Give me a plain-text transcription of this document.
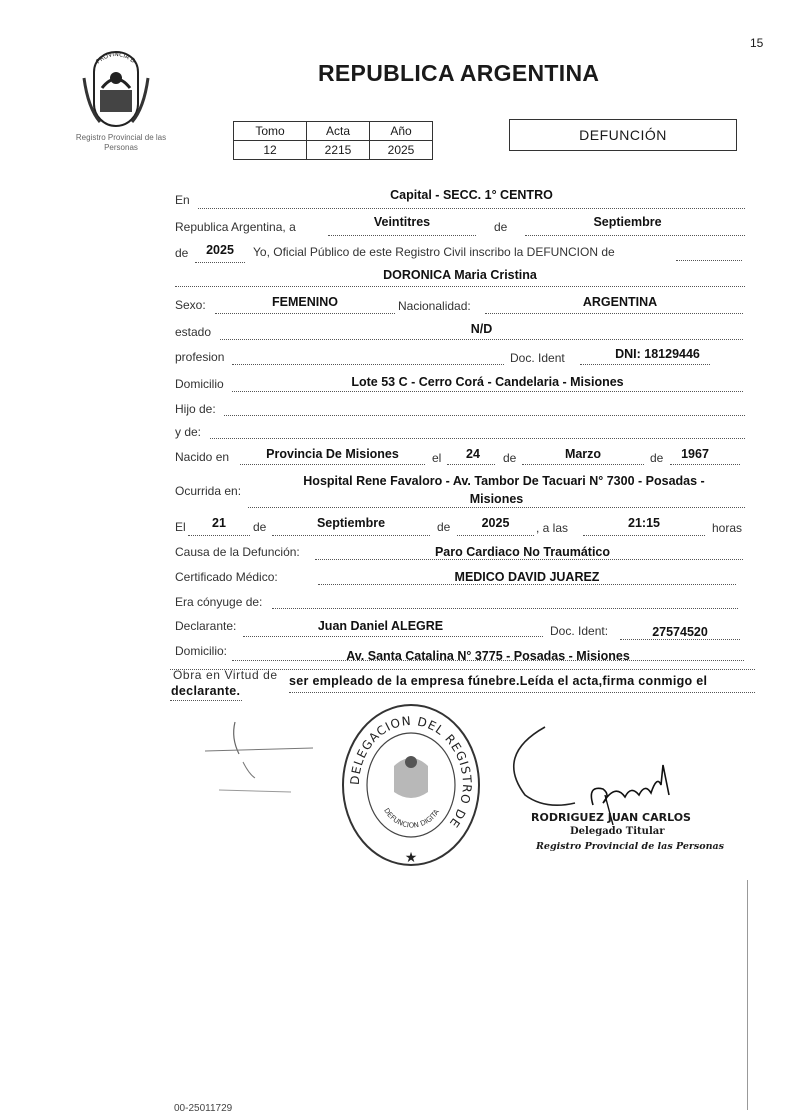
15
PROVINCIA D
Registro Provincial de las Personas
REPUBLICA ARGENTINA
Tomo	Acta	Año
12	2215	2025
DEFUNCIÓN
En	Capital - SECC. 1° CENTRO
Republica Argentina, a	Veintitres	de	Septiembre
de	2025	Yo, Oficial Público de este Registro Civil inscribo la DEFUNCION de
DORONICA Maria Cristina
Sexo:	FEMENINO	Nacionalidad:	ARGENTINA
estado	N/D
profesion	Doc. Ident	DNI: 18129446
Domicilio	Lote 53 C - Cerro Corá - Candelaria - Misiones
Hijo de:
y de:
Nacido en	Provincia De Misiones	el	24	de	Marzo	de	1967
Ocurrida en:
Hospital Rene Favaloro - Av. Tambor De Tacuari N° 7300 - Posadas -
Misiones
El	21	de	Septiembre	de	2025	, a las	21:15	horas
Causa de la Defunción:	Paro Cardiaco No Traumático
Certificado Médico:	MEDICO DAVID JUAREZ
Era cónyuge de:
Declarante:	Juan Daniel ALEGRE	Doc. Ident:	27574520
Domicilio:	Av. Santa Catalina N° 3775 - Posadas - Misiones
Obra en Virtud de ser empleado de la empresa fúnebre.Leída el acta,firma conmigo el
declarante.
DELEGACION DEL REGISTRO DE
DEFUNCION DIGITA
★
RODRIGUEZ JUAN CARLOS
Delegado Titular
Registro Provincial de las Personas
00-25011729
